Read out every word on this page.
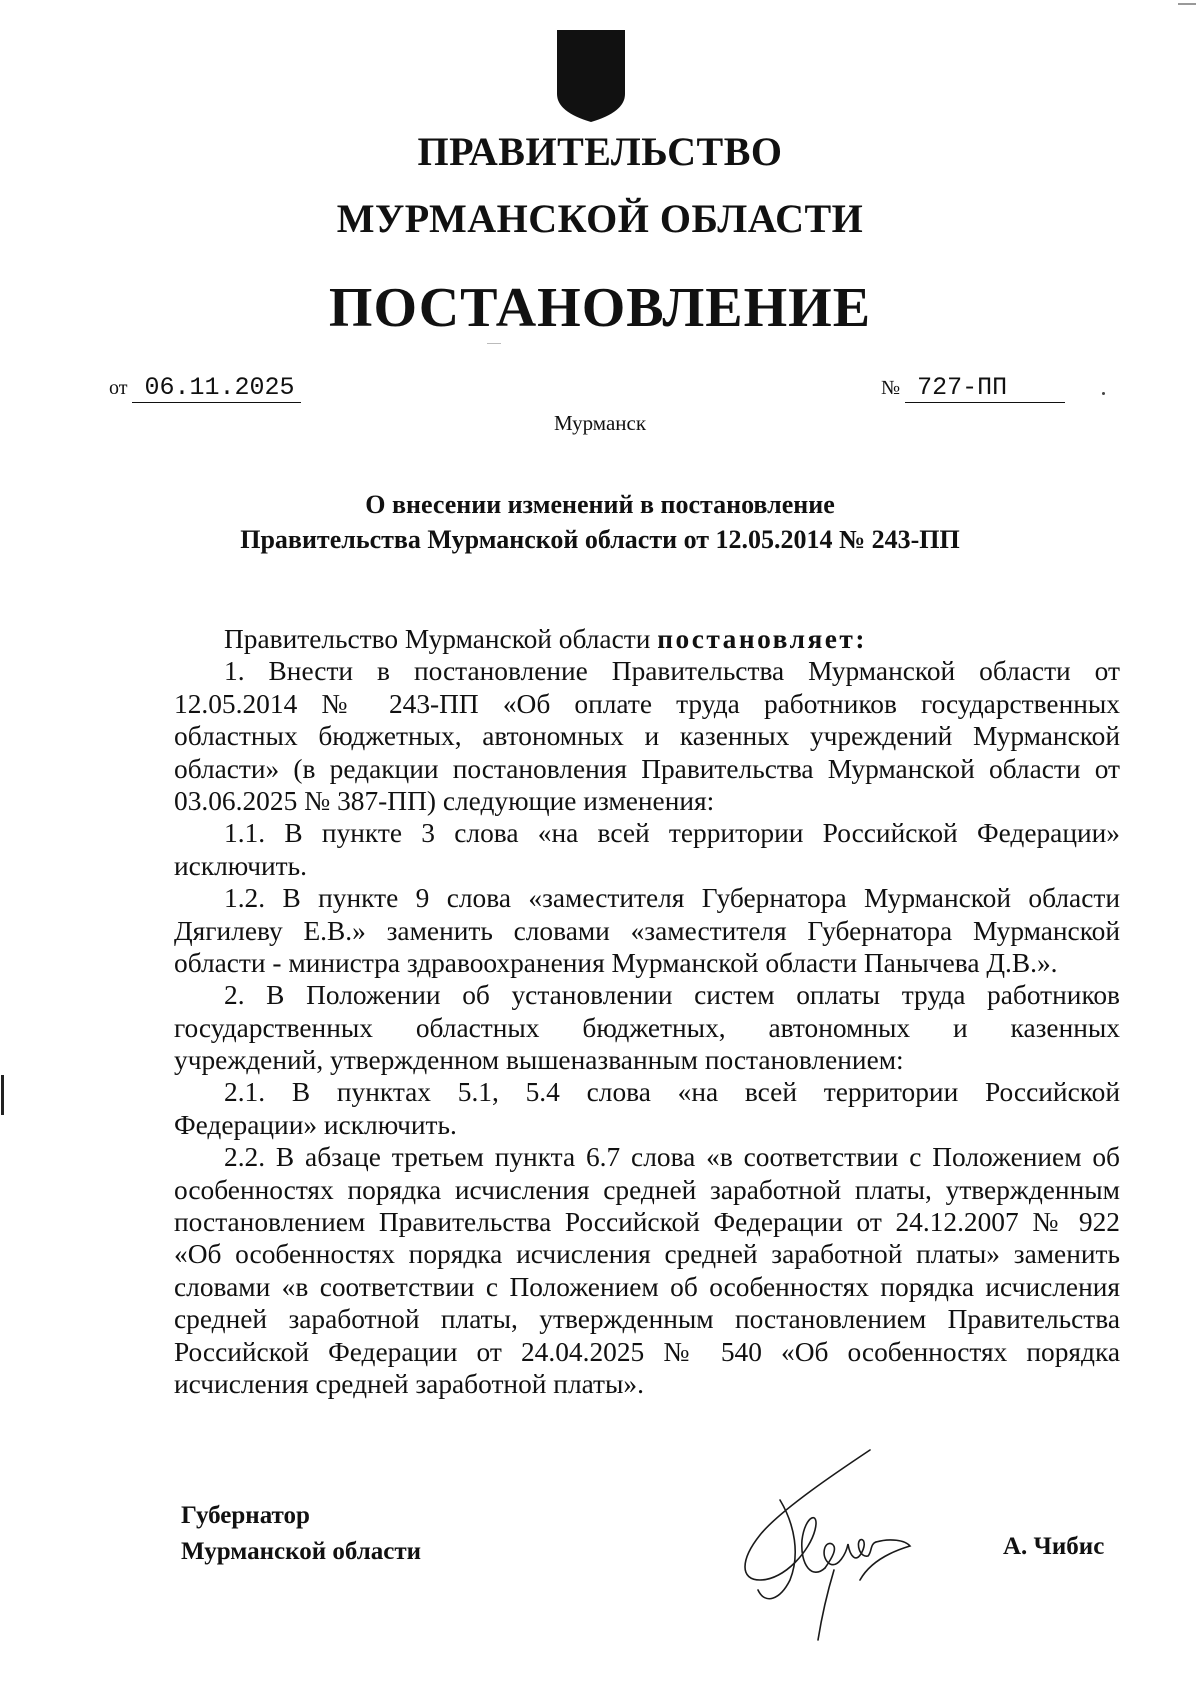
ПРАВИТЕЛЬСТВО
МУРМАНСКОЙ ОБЛАСТИ
ПОСТАНОВЛЕНИЕ
от 06.11.2025	№ 727-ПП
Мурманск
О внесении изменений в постановление
Правительства Мурманской области от 12.05.2014 № 243-ПП
Правительство Мурманской области постановляет:
1. Внести в постановление Правительства Мурманской области от
12.05.2014 № 243-ПП «Об оплате труда работников государственных
областных бюджетных, автономных и казенных учреждений Мурманской
области» (в редакции постановления Правительства Мурманской области от
03.06.2025 № 387-ПП) следующие изменения:
1.1. В пункте 3 слова «на всей территории Российской Федерации»
исключить.
1.2. В пункте 9 слова «заместителя Губернатора Мурманской области
Дягилеву Е.В.» заменить словами «заместителя Губернатора Мурманской
области - министра здравоохранения Мурманской области Панычева Д.В.».
2. В Положении об установлении систем оплаты труда работников
государственных областных бюджетных, автономных и казенных
учреждений, утвержденном вышеназванным постановлением:
2.1. В пунктах 5.1, 5.4 слова «на всей территории Российской
Федерации» исключить.
2.2. В абзаце третьем пункта 6.7 слова «в соответствии с Положением об
особенностях порядка исчисления средней заработной платы, утвержденным
постановлением Правительства Российской Федерации от 24.12.2007 № 922
«Об особенностях порядка исчисления средней заработной платы» заменить
словами «в соответствии с Положением об особенностях порядка исчисления
средней заработной платы, утвержденным постановлением Правительства
Российской Федерации от 24.04.2025 № 540 «Об особенностях порядка
исчисления средней заработной платы».
Губернатор
Мурманской области	А. Чибис
